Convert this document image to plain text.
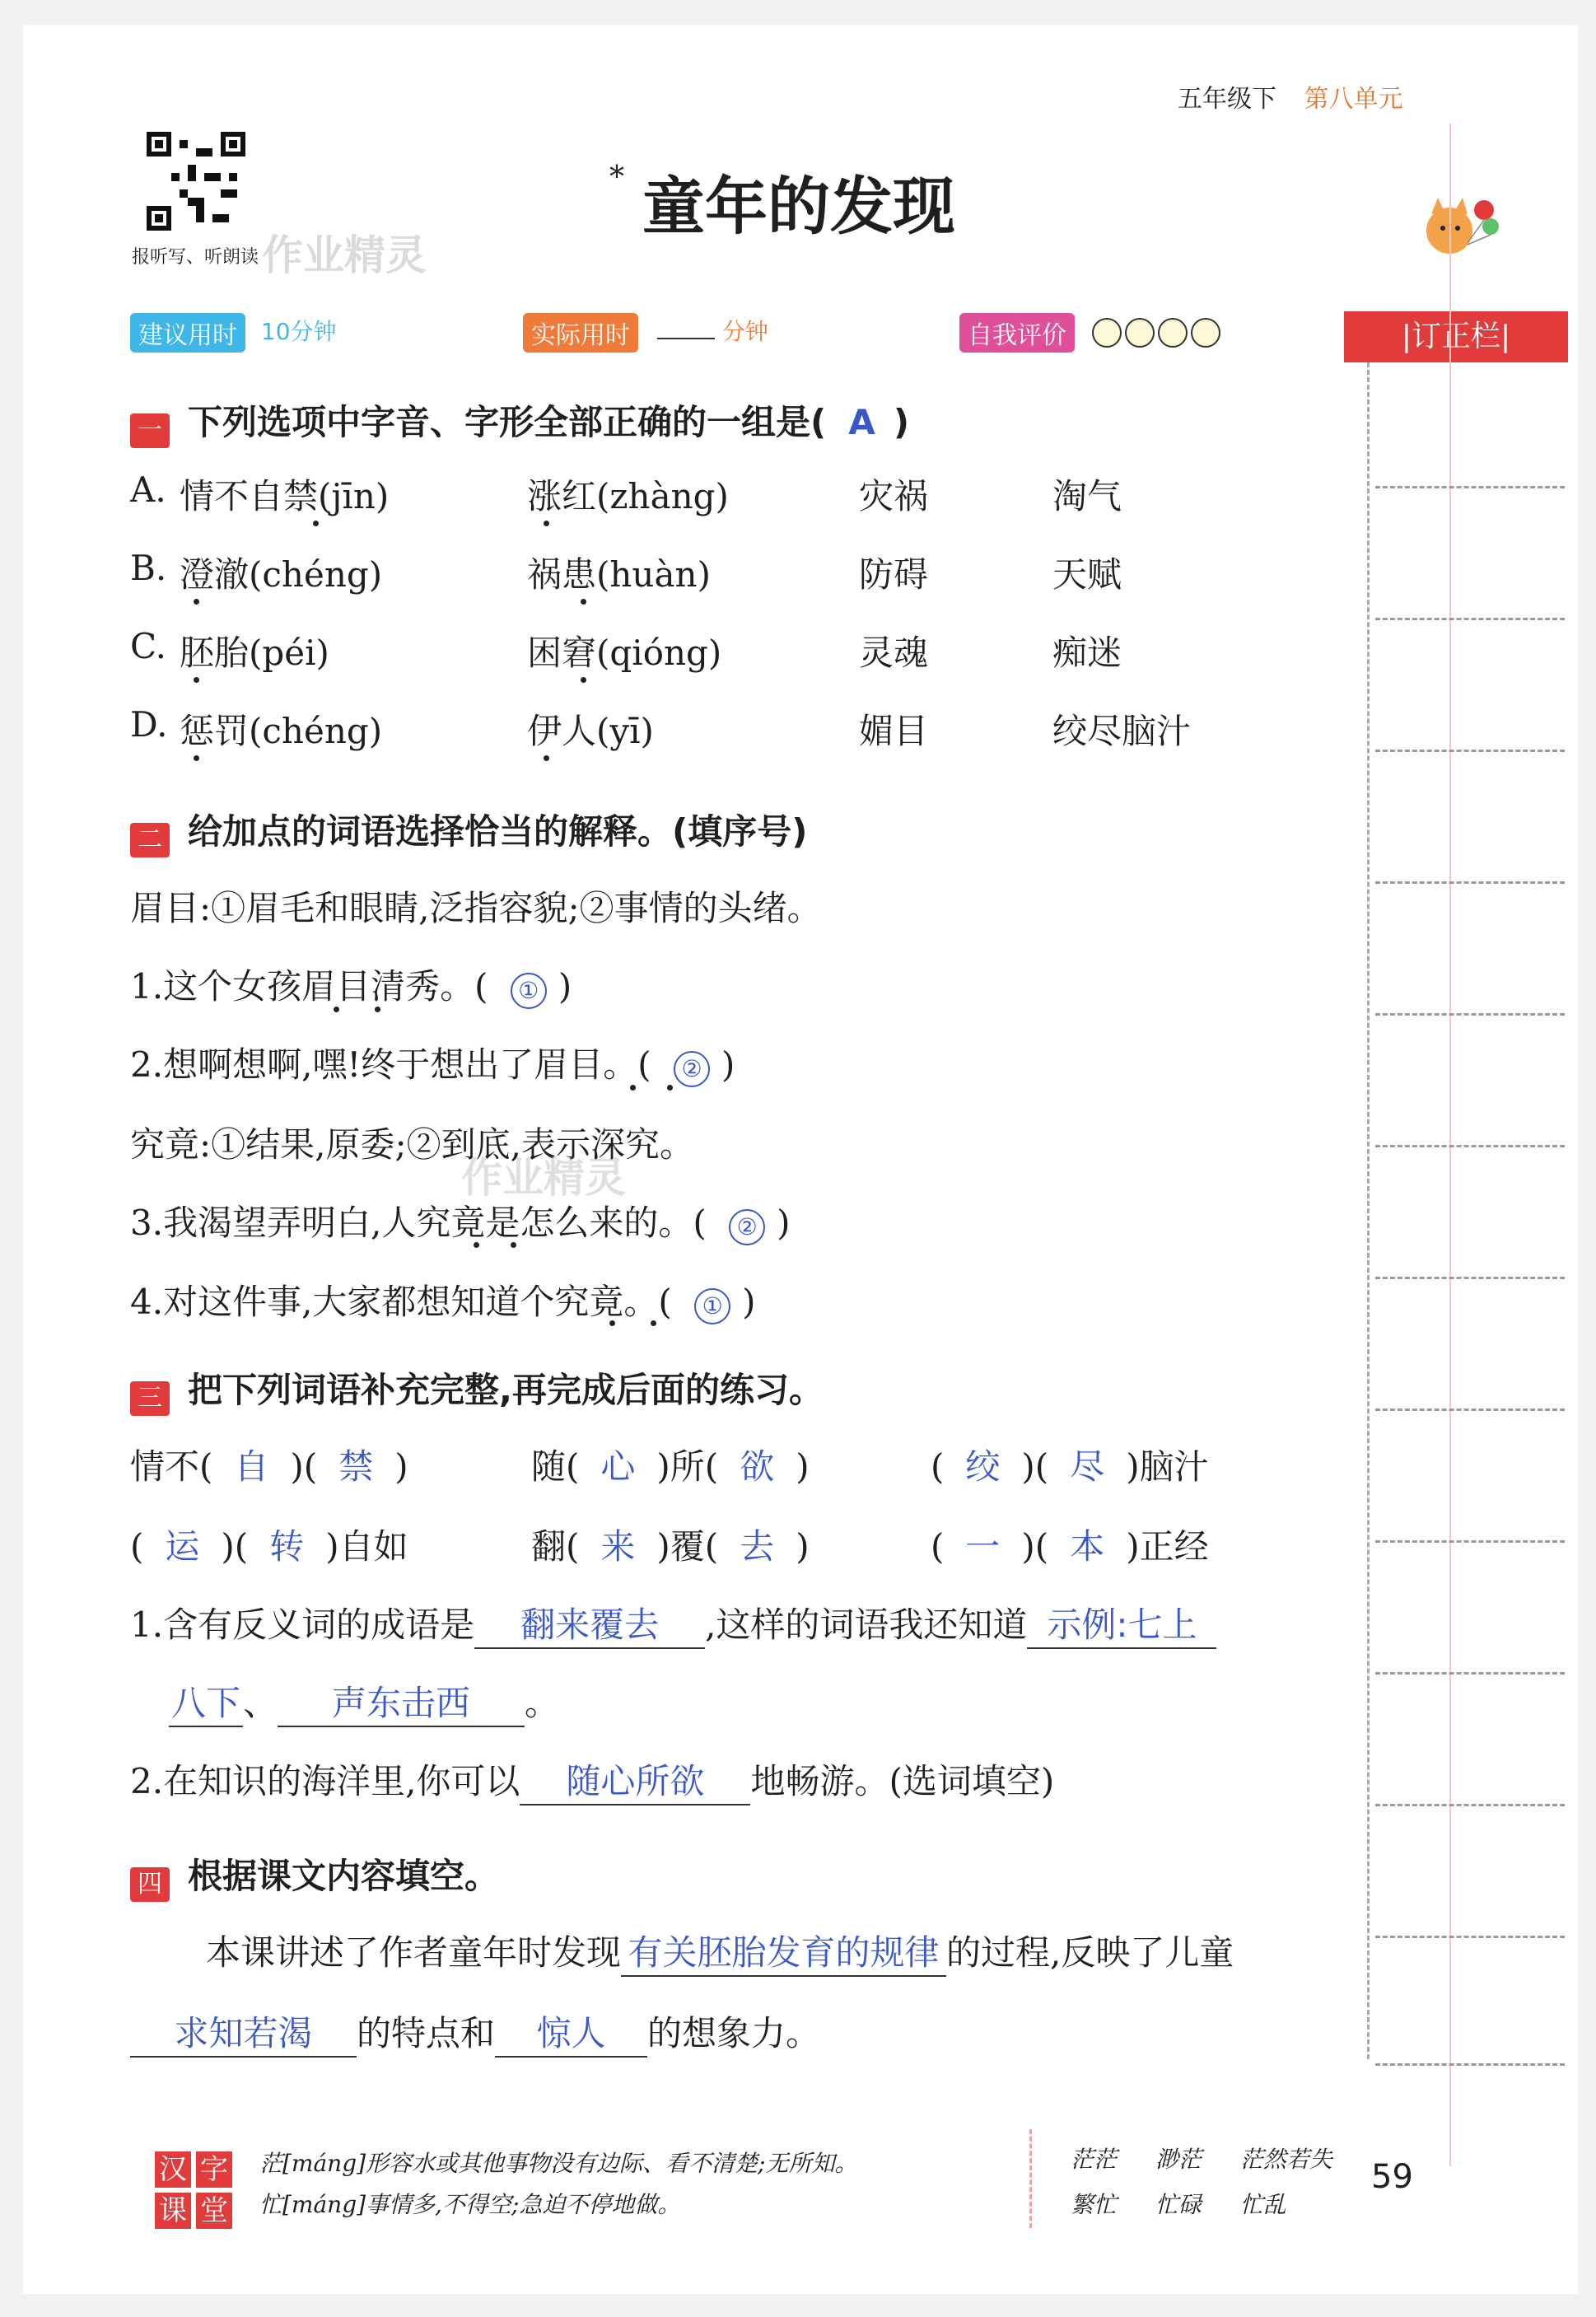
五年级下 第八单元
报听写、听朗读 作业精灵
* 童年的发现
建议用时 10分钟	实际用时	分钟	自我评价	|订正栏|
一 下列选项中字音、字形全部正确的一组是( A )
A. 情不自禁(jīn)	涨红(zhàng)	灾祸	淘气
B. 澄澈(chéng)	祸患(huàn)	防碍	天赋
C. 胚胎(péi)	困窘(qióng)	灵魂	痴迷
D. 惩罚(chéng)	伊人(yī)	媚目	绞尽脑汁
二 给加点的词语选择恰当的解释。(填序号)
眉目:①眉毛和眼睛,泛指容貌;②事情的头绪。
1.这个女孩眉目清秀。( ① )
2.想啊想啊,嘿!终于想出了眉目。( ② )
究竟:①结果,原委;②到底,表示深究。
作业精灵
3.我渴望弄明白,人究竟是怎么来的。( ② )
4.对这件事,大家都想知道个究竟。( ① )
三 把下列词语补充完整,再完成后面的练习。
情不( 自 )( 禁 )	随( 心 )所( 欲 )	( 绞 )( 尽 )脑汁
( 运 )( 转 )自如	翻( 来 )覆( 去 )	( 一 )( 本 )正经
1.含有反义词的成语是 翻来覆去 ,这样的词语我还知道 示例:七上
八下、 声东击西 。
2.在知识的海洋里,你可以 随心所欲 地畅游。(选词填空)
四 根据课文内容填空。
本课讲述了作者童年时发现 有关胚胎发育的规律 的过程,反映了儿童
求知若渴 的特点和 惊人 的想象力。
汉 字
课 堂
茫[máng]形容水或其他事物没有边际、看不清楚;无所知。
忙[máng]事情多,不得空;急迫不停地做。
茫茫 渺茫 茫然若失
繁忙 忙碌 忙乱
59
